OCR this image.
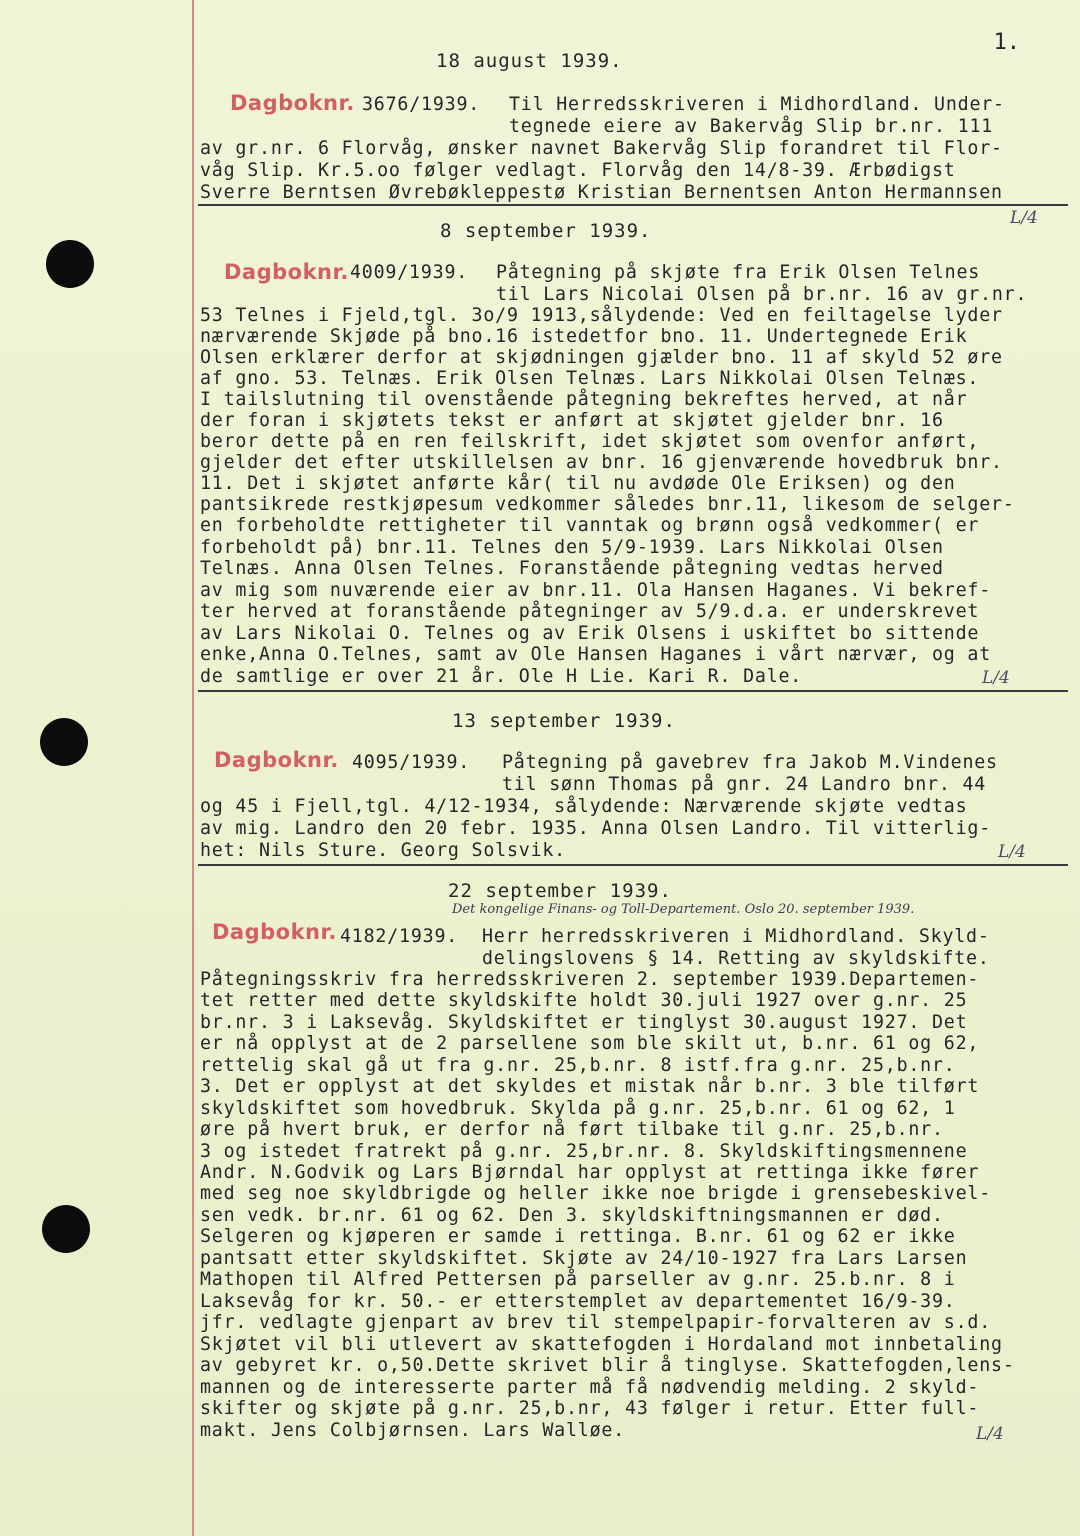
1.
18 august 1939.
Dagboknr. 3676/1939. Til Herredsskriveren i Midhordland. Under-
tegnede eiere av Bakervåg Slip br.nr. 111
av gr.nr. 6 Florvåg, ønsker navnet Bakervåg Slip forandret til Flor-
våg Slip. Kr.5.oo følger vedlagt. Florvåg den 14/8-39. Ærbødigst
Sverre Berntsen Øvrebøkleppestø Kristian Bernentsen Anton Hermannsen
L/4
8 september 1939.
Dagboknr. 4009/1939. Påtegning på skjøte fra Erik Olsen Telnes
til Lars Nicolai Olsen på br.nr. 16 av gr.nr.
53 Telnes i Fjeld,tgl. 3o/9 1913,sålydende: Ved en feiltagelse lyder
nærværende Skjøde på bno.16 istedetfor bno. 11. Undertegnede Erik
Olsen erklærer derfor at skjødningen gjælder bno. 11 af skyld 52 øre
af gno. 53. Telnæs. Erik Olsen Telnæs. Lars Nikkolai Olsen Telnæs.
I tailslutning til ovenstående påtegning bekreftes herved, at når
der foran i skjøtets tekst er anført at skjøtet gjelder bnr. 16
beror dette på en ren feilskrift, idet skjøtet som ovenfor anført,
gjelder det efter utskillelsen av bnr. 16 gjenværende hovedbruk bnr.
11. Det i skjøtet anførte kår( til nu avdøde Ole Eriksen) og den
pantsikrede restkjøpesum vedkommer således bnr.11, likesom de selger-
en forbeholdte rettigheter til vanntak og brønn også vedkommer( er
forbeholdt på) bnr.11. Telnes den 5/9-1939. Lars Nikkolai Olsen
Telnæs. Anna Olsen Telnes. Foranstående påtegning vedtas herved
av mig som nuværende eier av bnr.11. Ola Hansen Haganes. Vi bekref-
ter herved at foranstående påtegninger av 5/9.d.a. er underskrevet
av Lars Nikolai O. Telnes og av Erik Olsens i uskiftet bo sittende
enke,Anna O.Telnes, samt av Ole Hansen Haganes i vårt nærvær, og at
de samtlige er over 21 år. Ole H Lie. Kari R. Dale.	L/4
13 september 1939.
Dagboknr. 4095/1939. Påtegning på gavebrev fra Jakob M.Vindenes
til sønn Thomas på gnr. 24 Landro bnr. 44
og 45 i Fjell,tgl. 4/12-1934, sålydende: Nærværende skjøte vedtas
av mig. Landro den 20 febr. 1935. Anna Olsen Landro. Til vitterlig-
het: Nils Sture. Georg Solsvik.	L/4
22 september 1939.
Det kongelige Finans- og Toll-Departement. Oslo 20. september 1939.
Dagboknr. 4182/1939. Herr herredsskriveren i Midhordland. Skyld-
delingslovens § 14. Retting av skyldskifte.
Påtegningsskriv fra herredsskriveren 2. september 1939.Departemen-
tet retter med dette skyldskifte holdt 30.juli 1927 over g.nr. 25
br.nr. 3 i Laksevåg. Skyldskiftet er tinglyst 30.august 1927. Det
er nå opplyst at de 2 parsellene som ble skilt ut, b.nr. 61 og 62,
rettelig skal gå ut fra g.nr. 25,b.nr. 8 istf.fra g.nr. 25,b.nr.
3. Det er opplyst at det skyldes et mistak når b.nr. 3 ble tilført
skyldskiftet som hovedbruk. Skylda på g.nr. 25,b.nr. 61 og 62, 1
øre på hvert bruk, er derfor nå ført tilbake til g.nr. 25,b.nr.
3 og istedet fratrekt på g.nr. 25,br.nr. 8. Skyldskiftingsmennene
Andr. N.Godvik og Lars Bjørndal har opplyst at rettinga ikke fører
med seg noe skyldbrigde og heller ikke noe brigde i grensebeskivel-
sen vedk. br.nr. 61 og 62. Den 3. skyldskiftningsmannen er død.
Selgeren og kjøperen er samde i rettinga. B.nr. 61 og 62 er ikke
pantsatt etter skyldskiftet. Skjøte av 24/10-1927 fra Lars Larsen
Mathopen til Alfred Pettersen på parseller av g.nr. 25.b.nr. 8 i
Laksevåg for kr. 50.- er etterstemplet av departementet 16/9-39.
jfr. vedlagte gjenpart av brev til stempelpapir-forvalteren av s.d.
Skjøtet vil bli utlevert av skattefogden i Hordaland mot innbetaling
av gebyret kr. o,50.Dette skrivet blir å tinglyse. Skattefogden,lens-
mannen og de interesserte parter må få nødvendig melding. 2 skyld-
skifter og skjøte på g.nr. 25,b.nr, 43 følger i retur. Etter full-
makt. Jens Colbjørnsen. Lars Walløe.	L/4
